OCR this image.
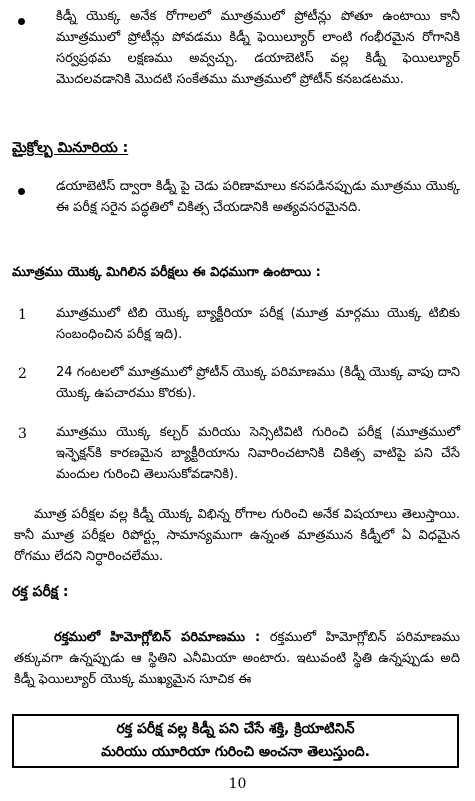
కిడ్నీ యొక్క అనేక రోగాలలో మూత్రములో ప్రోటీన్లు పోతూ ఉంటాయి కానీ మూత్రములో ప్రోటీన్లు పోవడము కిడ్నీ ఫెయిల్యూర్ లాంటి గంభీరమైన రోగానికి సర్వప్రథమ లక్షణము అవ్వచ్చు. డయాబెటిస్ వల్ల కిడ్నీ ఫెయిల్యూర్ మొదలవడానికి మొదటి సంకేతము మూత్రములో ప్రోటీన్ కనబడటము.

మైక్రోల్బ మినూరియ :

డయాబెటిస్ ద్వారా కిడ్నీ పై చెడు పరిణామాలు కనపడినప్పుడు మూత్రము యొక్క ఈ పరీక్ష సరైన పద్ధతిలో చికిత్స చేయడానికి అత్యవసరమైనది.

మూత్రము యొక్క మిగిలిన పరీక్షలు ఈ విధముగా ఉంటాయి :
1 మూత్రములో టిబి యొక్క బ్యాక్టీరియా పరీక్ష (మూత్ర మార్గము యొక్క టిబికు సంబంధించిన పరీక్ష ఇది).

2 24 గంటలలో మూత్రములో ప్రోటీన్ యొక్క పరిమాణము (కిడ్నీ యొక్క వాపు దాని యొక్క ఉపచారము కొరకు).

3 మూత్రము యొక్క కల్చర్ మరియు సెన్సిటివిటి గురించి పరీక్ష (మూత్రములో ఇన్ఫెక్షన్‌కి కారణమైన బ్యాక్టీరియాను నివారించటానికి చికిత్స వాటిపై పని చేసే మందుల గురించి తెలుసుకోవడానికి).

మూత్ర పరీక్షల వల్ల కిడ్నీ యొక్క విభిన్న రోగాల గురించి అనేక విషయాలు తెలుస్తాయి. కానీ మూత్ర పరీక్షల రిపోర్ట్లు సామాన్యముగా ఉన్నంత మాత్రమున కిడ్నీలో ఏ విధమైన రోగము లేదని నిర్ధారించలేము.

రక్త పరీక్ష :

రక్తములో హిమోగ్లోబిన్ పరిమాణము : రక్తములో హిమోగ్లోబిన్ పరిమాణము తక్కువగా ఉన్నప్పుడు ఆ స్థితిని ఎనీమియా అంటారు. ఇటువంటి స్థితి ఉన్నప్పుడు అది కిడ్నీ ఫెయిల్యూర్ యొక్క ముఖ్యమైన సూచిక ఈ

రక్త పరీక్ష వల్ల కిడ్నీ పని చేసే శక్తి, క్రియాటినిన్
మరియు యూరియా గురించి అంచనా తెలుస్తుంది.
10
